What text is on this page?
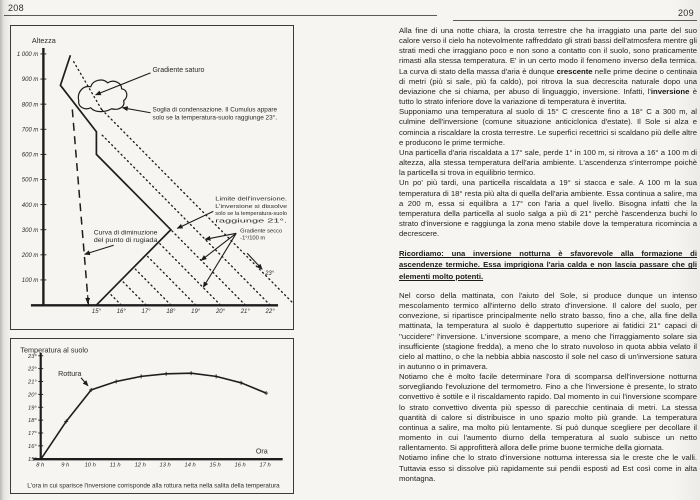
208	209
Altezza
1 000 m
900 m
800 m
700 m
600 m
500 m
400 m
300 m
200 m
100 m
15°	16°	17°	18°	19°	20°	21°	22°
Gradiente saturo
Soglia di condensazione. Il Cumulus appare
solo se la temperatura-suolo raggiunge 23°.
Limite dell'inversione.
L'inversione si dissolve
solo se la temperatura-suolo
raggiunge 21°.
Gradiente secco
-1°/100 m
23°
Curva di diminuzione
del punto di rugiada
Temperatura al suolo
15°
16°
17°
18°
19°
20°
21°
22°
23°
8 h	9 h	10 h 11 h 12 h 13 h 14 h 15 h 16 h 17 h
Ora
Rottura
L'ora in cui sparisce l'inversione corrisponde alla rottura netta nella salita della temperatura

Alla fine di una notte chiara, la crosta terrestre che ha irraggiato una parte del suo calore verso il cielo ha notevolmente raffreddato gli strati bassi dell'atmosfera mentre gli strati medi che irraggiano poco e non sono a contatto con il suolo, sono praticamente rimasti alla stessa temperatura. E' in un certo modo il fenomeno inverso della termica. La curva di stato della massa d'aria è dunque crescente nelle prime decine o centinaia di metri (più si sale, più fa caldo), poi ritrova la sua decrescita naturale dopo una deviazione che si chiama, per abuso di linguaggio, inversione. Infatti, l'inversione è tutto lo strato inferiore dove la variazione di temperatura è invertita.

Supponiamo una temperatura al suolo di 15° C crescente fino a 18° C a 300 m, al culmine dell'inversione (comune situazione anticiclonica d'estate). Il Sole si alza e comincia a riscaldare la crosta terrestre. Le superfici recettrici si scaldano più delle altre e producono le prime termiche.

Una particella d'aria riscaldata a 17° sale, perde 1° in 100 m, si ritrova a 16° a 100 m di altezza, alla stessa temperatura dell'aria ambiente. L'ascendenza s'interrompe poichè la particella si trova in equilibrio termico.

Un po' più tardi, una particella riscaldata a 19° si stacca e sale. A 100 m la sua temperatura di 18° resta più alta di quella dell'aria ambiente. Essa continua a salire, ma a 200 m, essa si equilibra a 17° con l'aria a quel livello. Bisogna infatti che la temperatura della particella al suolo salga a più di 21° perchè l'ascendenza buchi lo strato d'inversione e raggiunga la zona meno stabile dove la temperatura ricomincia a decrescere.

Ricordiamo: una inversione notturna è sfavorevole alla formazione di ascendenze termiche. Essa imprigiona l'aria calda e non lascia passare che gli elementi molto potenti.

Nel corso della mattinata, con l'aiuto del Sole, si produce dunque un intenso mescolamento termico all'interno dello strato d'inversione. Il calore del suolo, per convezione, si ripartisce principalmente nello strato basso, fino a che, alla fine della mattinata, la temperatura al suolo è dappertutto superiore ai fatidici 21° capaci di ''uccidere'' l'inversione. L'inversione scompare, a meno che l'irraggiamento solare sia insufficiente (stagione fredda), a meno che lo strato nuvoloso in quota abbia velato il cielo al mattino, o che la nebbia abbia nascosto il sole nel caso di un'inversione satura in autunno o in primavera.

Notiamo che è molto facile determinare l'ora di scomparsa dell'inversione notturna sorvegliando l'evoluzione del termometro. Fino a che l'inversione è presente, lo strato convettivo è sottile e il riscaldamento rapido. Dal momento in cui l'inversione scompare lo strato convettivo diventa più spesso di parecchie centinaia di metri. La stessa quantità di calore si distribuisce in uno spazio molto più grande. La temperatura continua a salire, ma molto più lentamente. Si può dunque scegliere per decollare il momento in cui l'aumento diurno della temperatura al suolo subisce un netto rallentamento. Si approfitterà allora delle prime buone termiche della giornata.

Notiamo infine che lo strato d'inversione notturna interessa sia le creste che le valli. Tuttavia esso si dissolve più rapidamente sui pendii esposti ad Est così come in alta montagna.
